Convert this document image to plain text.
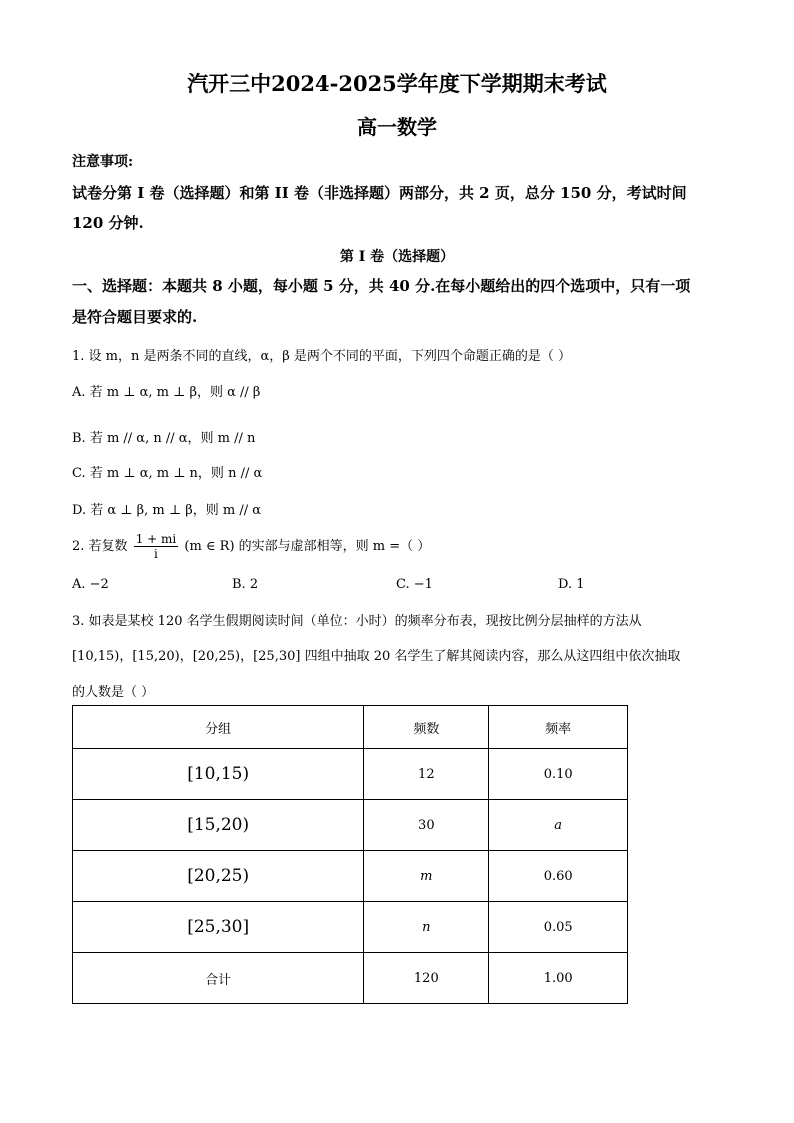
汽开三中2024-2025学年度下学期期末考试
高一数学
注意事项:
试卷分第 I 卷（选择题）和第 II 卷（非选择题）两部分，共 2 页，总分 150 分，考试时间
120 分钟.
第 I 卷（选择题）
一、选择题：本题共 8 小题，每小题 5 分，共 40 分.在每小题给出的四个选项中，只有一项
是符合题目要求的.
1. 设 m，n 是两条不同的直线，α，β 是两个不同的平面，下列四个命题正确的是（ ）
A. 若 m ⊥ α, m ⊥ β，则 α // β
B. 若 m // α, n // α，则 m // n
C. 若 m ⊥ α, m ⊥ n，则 n // α
D. 若 α ⊥ β, m ⊥ β，则 m // α
2. 若复数 $\frac{1 + mi}{i} (m$ ∈ R) 的实部与虚部相等，则 m =（ ）
A. −2	B. 2	C. −1	D. 1
3. 如表是某校 120 名学生假期阅读时间（单位：小时）的频率分布表，现按比例分层抽样的方法从
[10,15)，[15,20)，[20,25)，[25,30] 四组中抽取 20 名学生了解其阅读内容，那么从这四组中依次抽取
的人数是（ ）
分组	频数	频率
[10,15)	12	0.10
[15,20)	30	a
[20,25)	m	0.60
[25,30]	n	0.05
合计	120	1.00
